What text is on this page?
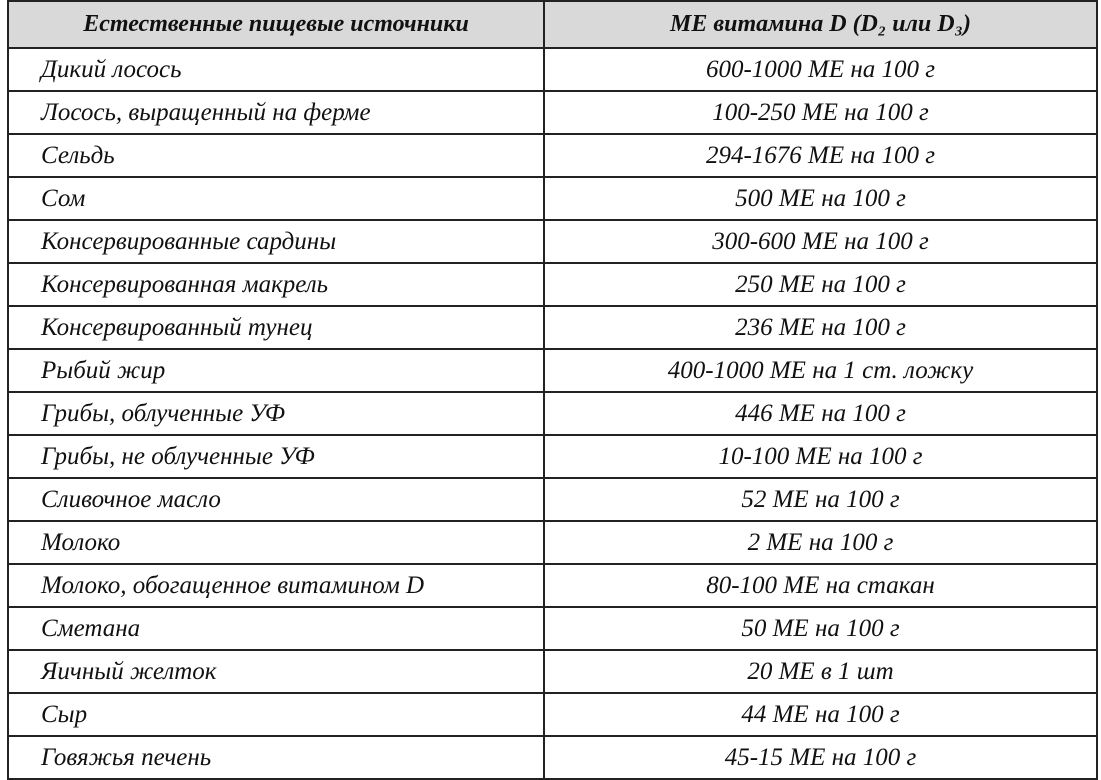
Естественные пищевые источники	МЕ витамина D (D₂ или D₃)
Дикий лосось	600-1000 МЕ на 100 г
Лосось, выращенный на ферме	100-250 МЕ на 100 г
Сельдь	294-1676 МЕ на 100 г
Сом	500 МЕ на 100 г
Консервированные сардины	300-600 МЕ на 100 г
Консервированная макрель	250 МЕ на 100 г
Консервированный тунец	236 МЕ на 100 г
Рыбий жир	400-1000 МЕ на 1 ст. ложку
Грибы, облученные УФ	446 МЕ на 100 г
Грибы, не облученные УФ	10-100 МЕ на 100 г
Сливочное масло	52 МЕ на 100 г
Молоко	2 МЕ на 100 г
Молоко, обогащенное витамином D	80-100 МЕ на стакан
Сметана	50 МЕ на 100 г
Яичный желток	20 МЕ в 1 шт
Сыр	44 МЕ на 100 г
Говяжья печень	45-15 МЕ на 100 г
